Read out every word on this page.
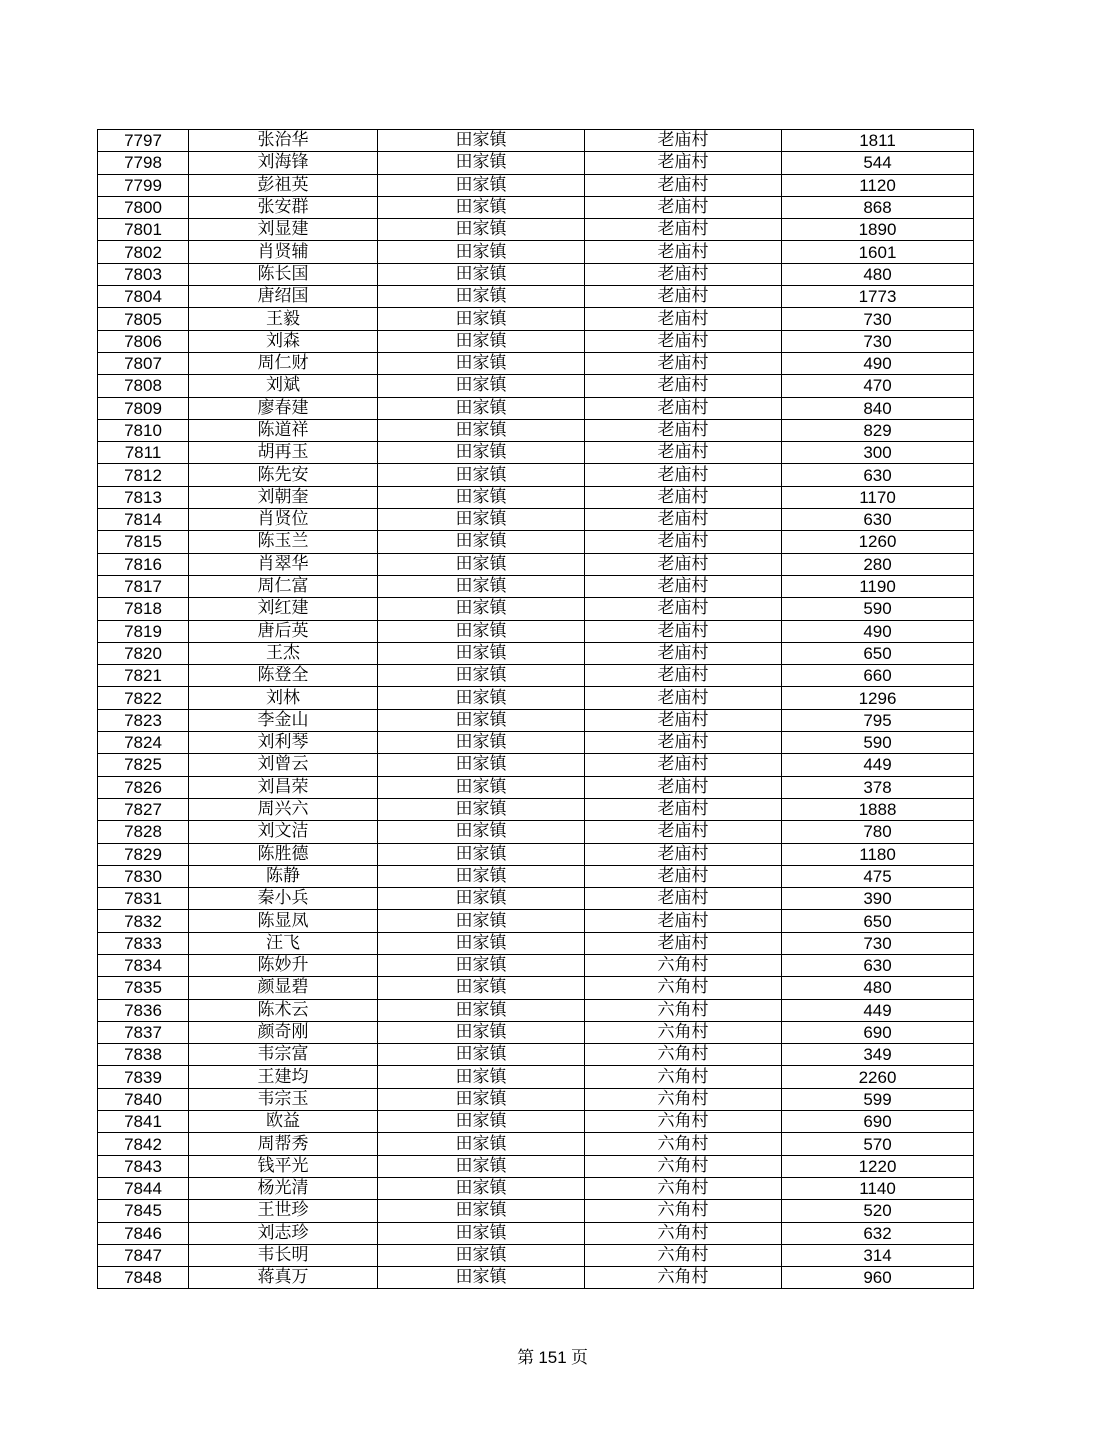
7797	张治华	田家镇	老庙村	1811
7798	刘海锋	田家镇	老庙村	544
7799	彭祖英	田家镇	老庙村	1120
7800	张安群	田家镇	老庙村	868
7801	刘显建	田家镇	老庙村	1890
7802	肖贤辅	田家镇	老庙村	1601
7803	陈长国	田家镇	老庙村	480
7804	唐绍国	田家镇	老庙村	1773
7805	王毅	田家镇	老庙村	730
7806	刘森	田家镇	老庙村	730
7807	周仁财	田家镇	老庙村	490
7808	刘斌	田家镇	老庙村	470
7809	廖春建	田家镇	老庙村	840
7810	陈道祥	田家镇	老庙村	829
7811	胡再玉	田家镇	老庙村	300
7812	陈先安	田家镇	老庙村	630
7813	刘朝奎	田家镇	老庙村	1170
7814	肖贤位	田家镇	老庙村	630
7815	陈玉兰	田家镇	老庙村	1260
7816	肖翠华	田家镇	老庙村	280
7817	周仁富	田家镇	老庙村	1190
7818	刘红建	田家镇	老庙村	590
7819	唐后英	田家镇	老庙村	490
7820	王杰	田家镇	老庙村	650
7821	陈登全	田家镇	老庙村	660
7822	刘林	田家镇	老庙村	1296
7823	李金山	田家镇	老庙村	795
7824	刘利琴	田家镇	老庙村	590
7825	刘曾云	田家镇	老庙村	449
7826	刘昌荣	田家镇	老庙村	378
7827	周兴六	田家镇	老庙村	1888
7828	刘文洁	田家镇	老庙村	780
7829	陈胜德	田家镇	老庙村	1180
7830	陈静	田家镇	老庙村	475
7831	秦小兵	田家镇	老庙村	390
7832	陈显凤	田家镇	老庙村	650
7833	汪飞	田家镇	老庙村	730
7834	陈妙升	田家镇	六角村	630
7835	颜显碧	田家镇	六角村	480
7836	陈术云	田家镇	六角村	449
7837	颜奇刚	田家镇	六角村	690
7838	韦宗富	田家镇	六角村	349
7839	王建均	田家镇	六角村	2260
7840	韦宗玉	田家镇	六角村	599
7841	欧益	田家镇	六角村	690
7842	周帮秀	田家镇	六角村	570
7843	钱平光	田家镇	六角村	1220
7844	杨光清	田家镇	六角村	1140
7845	王世珍	田家镇	六角村	520
7846	刘志珍	田家镇	六角村	632
7847	韦长明	田家镇	六角村	314
7848	蒋真万	田家镇	六角村	960
第 151 页
